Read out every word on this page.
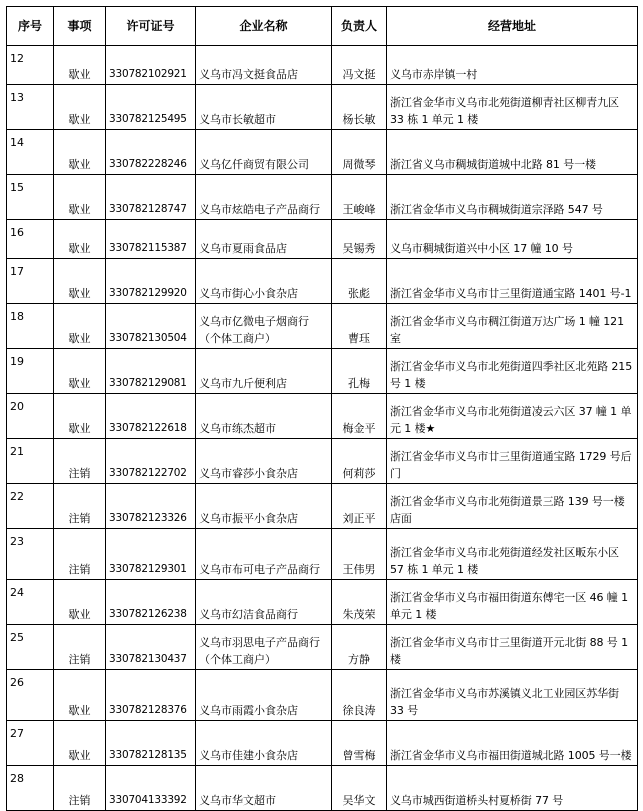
序号	事项	许可证号	企业名称	负责人	经营地址
12	歇业	330782102921	义乌市冯文挺食品店	冯文挺	义乌市赤岸镇一村
13	歇业	330782125495	义乌市长敏超市	杨长敏	浙江省金华市义乌市北苑街道柳青社区柳青九区 33 栋 1 单元 1 楼
14	歇业	330782228246	义乌亿仟商贸有限公司	周微琴	浙江省义乌市稠城街道城中北路 81 号一楼
15	歇业	330782128747	义乌市炫皓电子产品商行	王峻峰	浙江省金华市义乌市稠城街道宗泽路 547 号
16	歇业	330782115387	义乌市夏雨食品店	吴锡秀	义乌市稠城街道兴中小区 17 幢 10 号
17	歇业	330782129920	义乌市街心小食杂店	张彪	浙江省金华市义乌市廿三里街道通宝路 1401 号-1
18	歇业	330782130504	义乌市亿微电子烟商行（个体工商户）	曹珏	浙江省金华市义乌市稠江街道万达广场 1 幢 121 室
19	歇业	330782129081	义乌市九斤便利店	孔梅	浙江省金华市义乌市北苑街道四季社区北苑路 215 号 1 楼
20	歇业	330782122618	义乌市练杰超市	梅金平	浙江省金华市义乌市北苑街道凌云六区 37 幢 1 单元 1 楼★
21	注销	330782122702	义乌市睿莎小食杂店	何莉莎	浙江省金华市义乌市廿三里街道通宝路 1729 号后门
22	注销	330782123326	义乌市振平小食杂店	刘正平	浙江省金华市义乌市北苑街道景三路 139 号一楼店面
23	注销	330782129301	义乌市布可电子产品商行	王伟男	浙江省金华市义乌市北苑街道经发社区畈东小区 57 栋 1 单元 1 楼
24	歇业	330782126238	义乌市幻洁食品商行	朱茂荣	浙江省金华市义乌市福田街道东傅宅一区 46 幢 1 单元 1 楼
25	注销	330782130437	义乌市羽思电子产品商行（个体工商户）	方静	浙江省金华市义乌市廿三里街道开元北街 88 号 1 楼
26	歇业	330782128376	义乌市雨霞小食杂店	徐良涛	浙江省金华市义乌市苏溪镇义北工业园区苏华街 33 号
27	歇业	330782128135	义乌市佳建小食杂店	曾雪梅	浙江省金华市义乌市福田街道城北路 1005 号一楼
28	注销	330704133392	义乌市华文超市	吴华文	义乌市城西街道桥头村夏桥街 77 号
